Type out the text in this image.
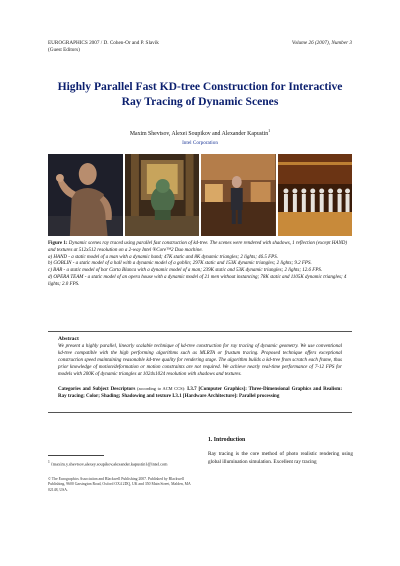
EUROGRAPHICS 2007 / D. Cohen-Or and P. Slavík
(Guest Editors)
Volume 26 (2007), Number 3
Highly Parallel Fast KD-tree Construction for Interactive
Ray Tracing of Dynamic Scenes
Maxim Shevtsov, Alexei Soupikov and Alexander Kapustin$^1$
Intel Corporation
Figure 1: Dynamic scenes ray traced using parallel fast construction of kd-tree. The scenes were rendered with shadows, 1 reflection (except HAND) and textures at 512x512 resolution on a 2-way Intel ®Core™2 Duo machine.
a) HAND - a static model of a man with a dynamic hand; 47K static and 8K dynamic triangles; 2 lights; 46.5 FPS.
b) GOBLIN - a static model of a hall with a dynamic model of a goblin; 297K static and 153K dynamic triangles; 2 lights; 9.2 FPS.
c) BAR - a static model of bar Carta Blanca with a dynamic model of a man; 239K static and 53K dynamic triangles; 2 lights; 12.6 FPS.
d) OPERA TEAM - a static model of an opera house with a dynamic model of 21 men without instancing; 78K static and 1105K dynamic triangles; 4 lights; 2.0 FPS.
Abstract
We present a highly parallel, linearly scalable technique of kd-tree construction for ray tracing of dynamic geometry. We use conventional kd-tree compatible with the high performing algorithms such as MLRTA or frustum tracing. Proposed technique offers exceptional construction speed maintaining reasonable kd-tree quality for rendering stage. The algorithm builds a kd-tree from scratch each frame, thus prior knowledge of motion/deformation or motion constraints are not required. We achieve nearly real-time performance of 7-12 FPS for models with 200K of dynamic triangles at 1024x1024 resolution with shadows and textures.
Categories and Subject Descriptors (according to ACM CCS): I.3.7 [Computer Graphics]: Three-Dimensional Graphics and Realism: Ray tracing; Color; Shading; Shadowing and texture I.3.1 [Hardware Architecture]: Parallel processing
1. Introduction
Ray tracing is the core method of photo realistic rendering using global illumination simulation. Excellent ray tracing
$^1$ {maxim.y.shevtsov,alexey.soupikov,alexander.kapustin}@intel.com
© The Eurographics Association and Blackwell Publishing 2007. Published by Blackwell Publishing, 9600 Garsington Road, Oxford OX4 2DQ, UK and 350 Main Street, Malden, MA 02148, USA.
